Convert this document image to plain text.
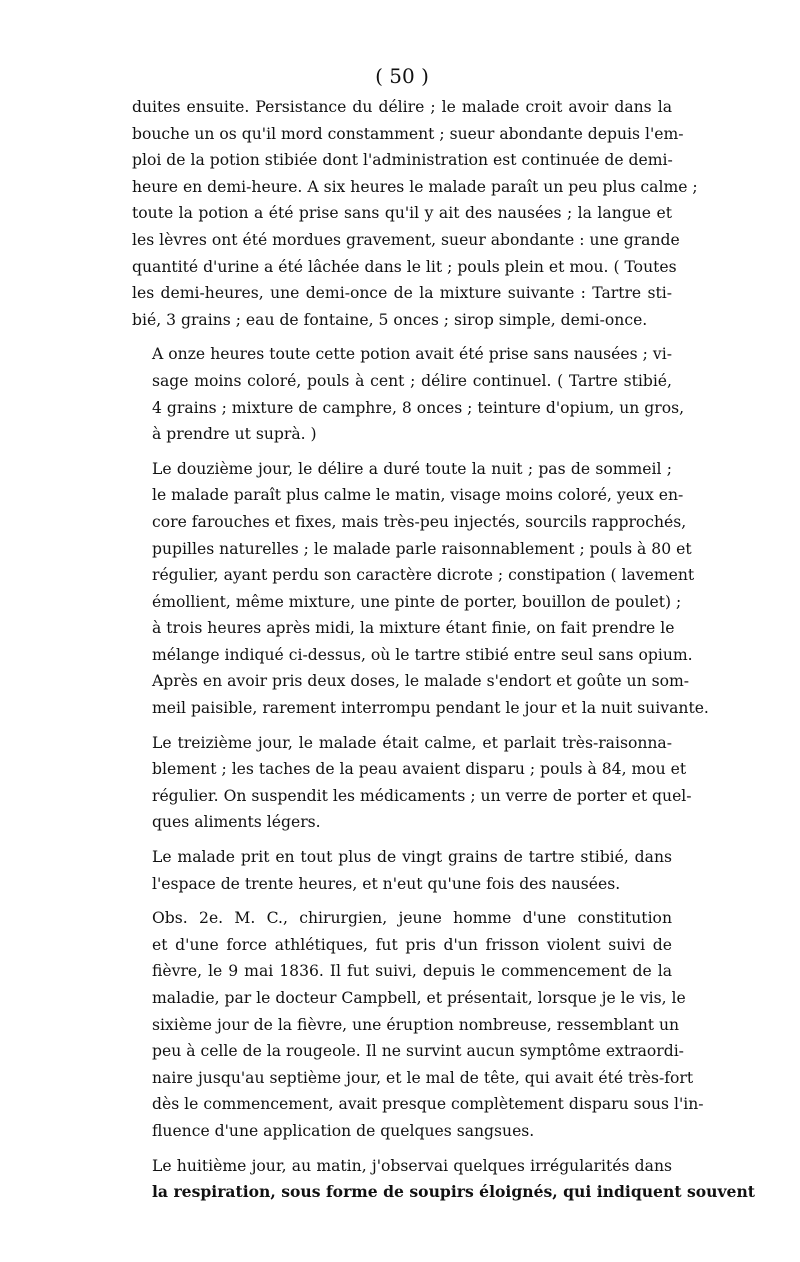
( 50 )
duites ensuite. Persistance du délire ; le malade croit avoir dans la
bouche un os qu'il mord constamment ; sueur abondante depuis l'em-
ploi de la potion stibiée dont l'administration est continuée de demi-
heure en demi-heure. A six heures le malade paraît un peu plus calme ;
toute la potion a été prise sans qu'il y ait des nausées ; la langue et
les lèvres ont été mordues gravement, sueur abondante : une grande
quantité d'urine a été lâchée dans le lit ; pouls plein et mou. ( Toutes
les demi-heures, une demi-once de la mixture suivante : Tartre sti-
bié, 3 grains ; eau de fontaine, 5 onces ; sirop simple, demi-once.
A onze heures toute cette potion avait été prise sans nausées ; vi-
sage moins coloré, pouls à cent ; délire continuel. ( Tartre stibié,
4 grains ; mixture de camphre, 8 onces ; teinture d'opium, un gros,
à prendre ut suprà. )
Le douzième jour, le délire a duré toute la nuit ; pas de sommeil ;
le malade paraît plus calme le matin, visage moins coloré, yeux en-
core farouches et fixes, mais très-peu injectés, sourcils rapprochés,
pupilles naturelles ; le malade parle raisonnablement ; pouls à 80 et
régulier, ayant perdu son caractère dicrote ; constipation ( lavement
émollient, même mixture, une pinte de porter, bouillon de poulet) ;
à trois heures après midi, la mixture étant finie, on fait prendre le
mélange indiqué ci-dessus, où le tartre stibié entre seul sans opium.
Après en avoir pris deux doses, le malade s'endort et goûte un som-
meil paisible, rarement interrompu pendant le jour et la nuit suivante.
Le treizième jour, le malade était calme, et parlait très-raisonna-
blement ; les taches de la peau avaient disparu ; pouls à 84, mou et
régulier. On suspendit les médicaments ; un verre de porter et quel-
ques aliments légers.
Le malade prit en tout plus de vingt grains de tartre stibié, dans
l'espace de trente heures, et n'eut qu'une fois des nausées.
Obs. 2e. M. C., chirurgien, jeune homme d'une constitution
et d'une force athlétiques, fut pris d'un frisson violent suivi de
fièvre, le 9 mai 1836. Il fut suivi, depuis le commencement de la
maladie, par le docteur Campbell, et présentait, lorsque je le vis, le
sixième jour de la fièvre, une éruption nombreuse, ressemblant un
peu à celle de la rougeole. Il ne survint aucun symptôme extraordi-
naire jusqu'au septième jour, et le mal de tête, qui avait été très-fort
dès le commencement, avait presque complètement disparu sous l'in-
fluence d'une application de quelques sangsues.
Le huitième jour, au matin, j'observai quelques irrégularités dans
la respiration, sous forme de soupirs éloignés, qui indiquent souvent
